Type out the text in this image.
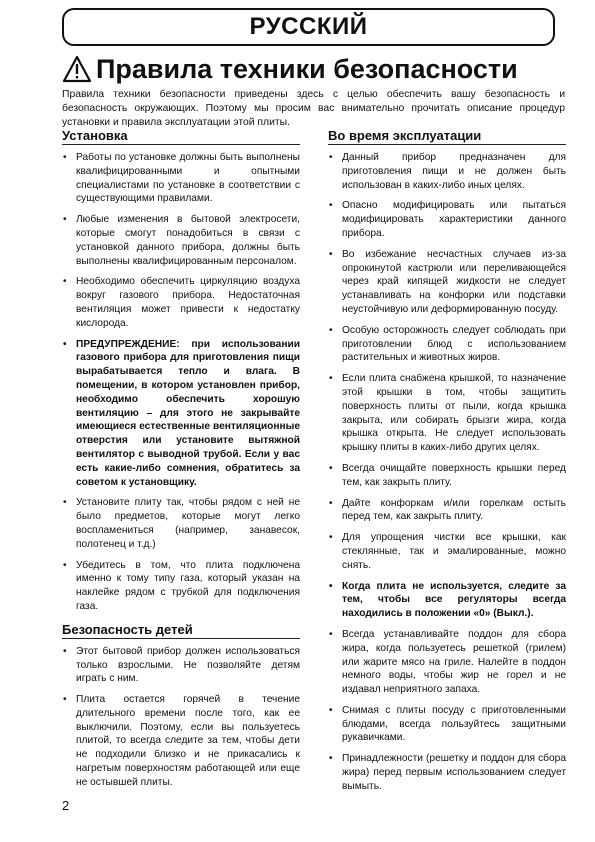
РУССКИЙ
Правила техники безопасности
Правила техники безопасности приведены здесь с целью обеспечить вашу безопасность и безопасность окружающих. Поэтому мы просим вас внимательно прочитать описание процедур установки и правила эксплуатации этой плиты.
Установка
• Работы по установке должны быть выполнены квалифицированными и опытными специалистами по установке в соответствии с существующими правилами.
• Любые изменения в бытовой электросети, которые смогут понадобиться в связи с установкой данного прибора, должны быть выполнены квалифицированным персоналом.
• Необходимо обеспечить циркуляцию воздуха вокруг газового прибора. Недостаточная вентиляция может привести к недостатку кислорода.
• ПРЕДУПРЕЖДЕНИЕ: при использовании газового прибора для приготовления пищи вырабатывается тепло и влага. В помещении, в котором установлен прибор, необходимо обеспечить хорошую вентиляцию – для этого не закрывайте имеющиеся естественные вентиляционные отверстия или установите вытяжной вентилятор с выводной трубой. Если у вас есть какие-либо сомнения, обратитесь за советом к установщику.
• Установите плиту так, чтобы рядом с ней не было предметов, которые могут легко воспламениться (например, занавесок, полотенец и т.д.)
• Убедитесь в том, что плита подключена именно к тому типу газа, который указан на наклейке рядом с трубкой для подключения газа.
Безопасность детей
• Этот бытовой прибор должен использоваться только взрослыми. Не позволяйте детям играть с ним.
• Плита остается горячей в течение длительного времени после того, как ее выключили. Поэтому, если вы пользуетесь плитой, то всегда следите за тем, чтобы дети не подходили близко и не прикасались к нагретым поверхностям работающей или еще не остывшей плиты.
Во время эксплуатации
• Данный прибор предназначен для приготовления пищи и не должен быть использован в каких-либо иных целях.
• Опасно модифицировать или пытаться модифицировать характеристики данного прибора.
• Во избежание несчастных случаев из-за опрокинутой кастрюли или переливающейся через край кипящей жидкости не следует устанавливать на конфорки или подставки неустойчивую или деформированную посуду.
• Особую осторожность следует соблюдать при приготовлении блюд с использованием растительных и животных жиров.
• Если плита снабжена крышкой, то назначение этой крышки в том, чтобы защитить поверхность плиты от пыли, когда крышка закрыта, или собирать брызги жира, когда крышка открыта. Не следует использовать крышку плиты в каких-либо других целях.
• Всегда очищайте поверхность крышки перед тем, как закрыть плиту.
• Дайте конфоркам и/или горелкам остыть перед тем, как закрыть плиту.
• Для упрощения чистки все крышки, как стеклянные, так и эмалированные, можно снять.
• Когда плита не используется, следите за тем, чтобы все регуляторы всегда находились в положении «0» (Выкл.).
• Всегда устанавливайте поддон для сбора жира, когда пользуетесь решеткой (грилем) или жарите мясо на гриле. Налейте в поддон немного воды, чтобы жир не горел и не издавал неприятного запаха.
• Снимая с плиты посуду с приготовленными блюдами, всегда пользуйтесь защитными рукавичками.
• Принадлежности (решетку и поддон для сбора жира) перед первым использованием следует вымыть.
2
